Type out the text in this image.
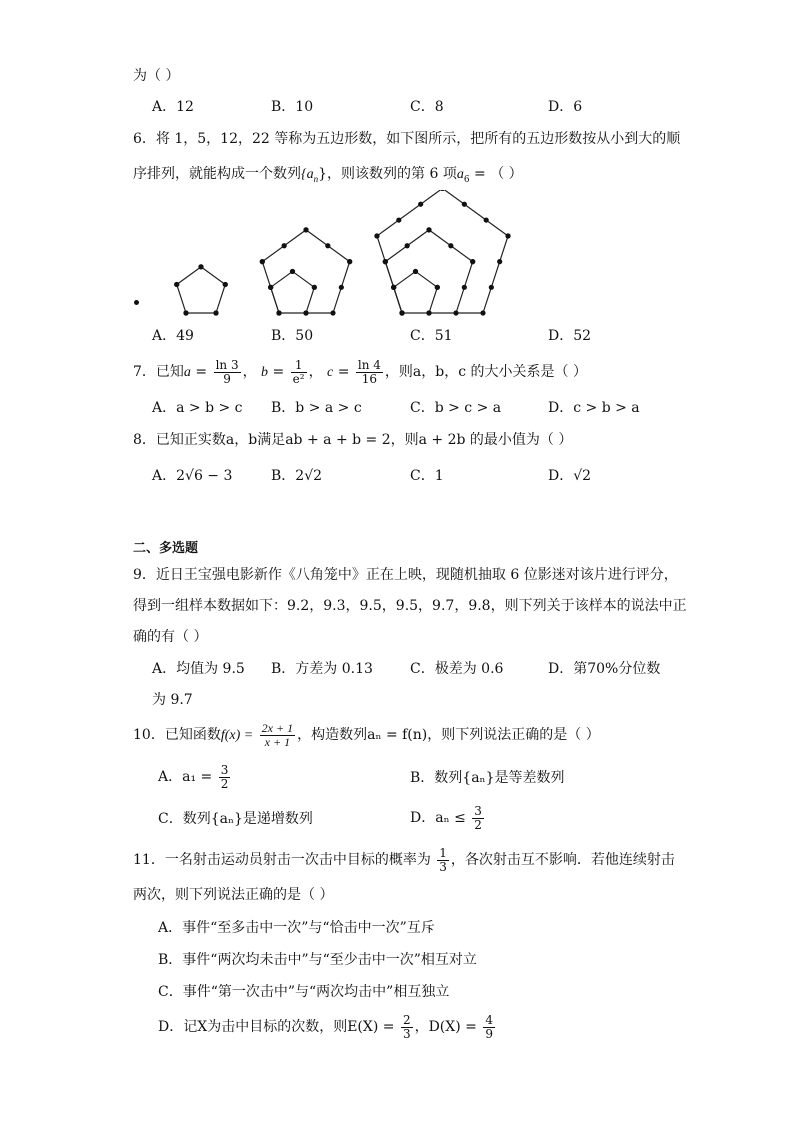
为（ ）
A．12	B．10	C．8	D．6
6．将 1，5，12，22 等称为五边形数，如下图所示，把所有的五边形数按从小到大的顺
序排列，就能构成一个数列$\{a_n\}$，则该数列的第 6 项$a_6$ = （ ）
A．49	B．50	C．51	D．52
7．已知$a = \frac{\ln 3}{9}$ ， $b = \frac{1}{\text{e²}}$ ， $c = \frac{\ln 4}{16}$ ，则a，b，c 的大小关系是（ ）
A．a > b > c B．b > a > c	C．b > c > a	D．c > b > a
8．已知正实数a，b满足ab + a + b = 2，则a + 2b 的最小值为（ ）
A．2√6 − 3	B．2√2	C．1	D．√2
二、多选题
9．近日王宝强电影新作《八角笼中》正在上映，现随机抽取 6 位影迷对该片进行评分，
得到一组样本数据如下：9.2，9.3，9.5，9.5，9.7，9.8，则下列关于该样本的说法中正
确的有（ ）
A．均值为 9.5 B．方差为 0.13	C．极差为 0.6	D．第70%分位数
为 9.7
10．已知函数$f(x) = \frac{2x + 1}{x + 1}$ ，构造数列aₙ = f(n)，则下列说法正确的是（ ）
A．$a_1 = \frac{3}{2}$	B．数列{aₙ}是等差数列
C．数列{aₙ}是递增数列	D．$a_n \le \frac{3}{2}$
11．一名射击运动员射击一次击中目标的概率为 $\frac{1}{3}$ ，各次射击互不影响．若他连续射击
两次，则下列说法正确的是（ ）
A．事件“至多击中一次”与“恰击中一次”互斥
B．事件“两次均未击中”与“至少击中一次”相互对立
C．事件“第一次击中”与“两次均击中”相互独立
D．记X为击中目标的次数，则$E(X) = \frac{2}{3}$ ，$D(X) = \frac{4}{9}$
